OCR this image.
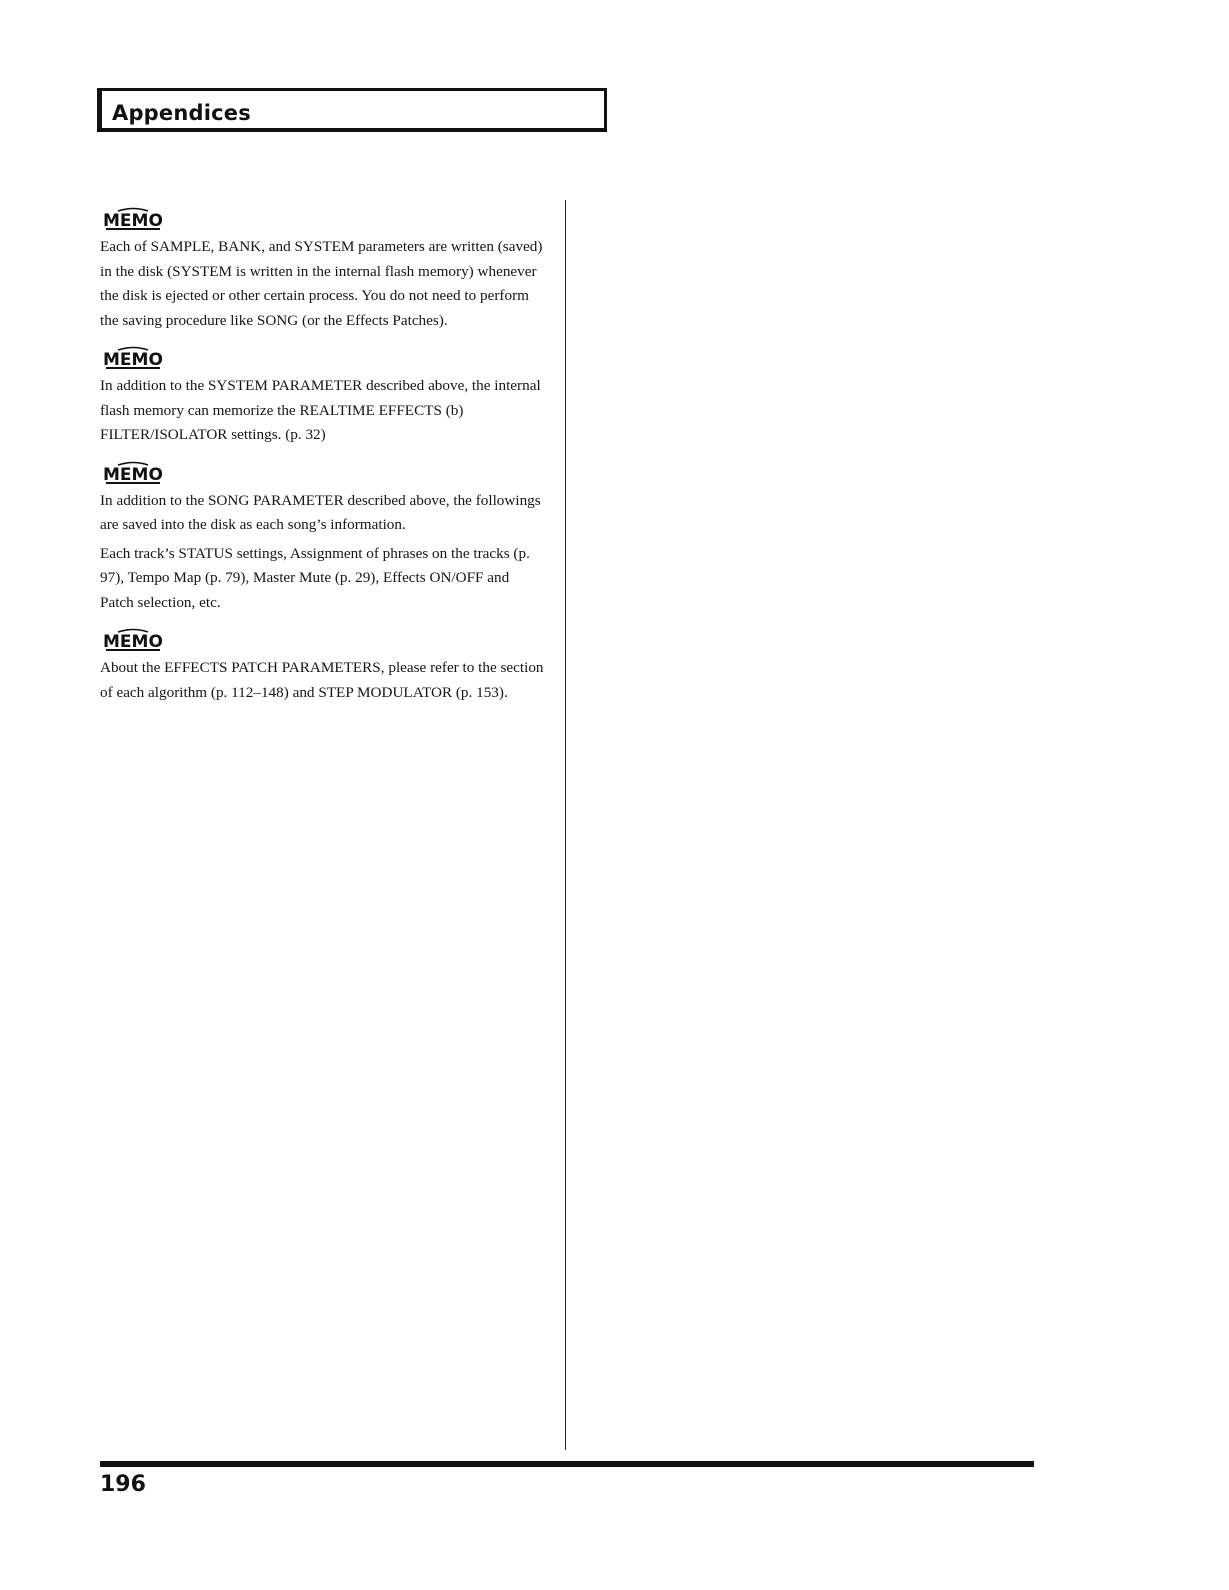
Appendices
MEMO

Each of SAMPLE, BANK, and SYSTEM parameters are written (saved) in the disk (SYSTEM is written in the internal flash memory) whenever the disk is ejected or other certain process. You do not need to perform the saving procedure like SONG (or the Effects Patches).

MEMO

In addition to the SYSTEM PARAMETER described above, the internal flash memory can memorize the REALTIME EFFECTS (b) FILTER/ISOLATOR settings. (p. 32)

MEMO

In addition to the SONG PARAMETER described above, the followings are saved into the disk as each song’s information.

Each track’s STATUS settings, Assignment of phrases on the tracks (p. 97), Tempo Map (p. 79), Master Mute (p. 29), Effects ON/OFF and Patch selection, etc.

MEMO

About the EFFECTS PATCH PARAMETERS, please refer to the section of each algorithm (p. 112–148) and STEP MODULATOR (p. 153).

196
